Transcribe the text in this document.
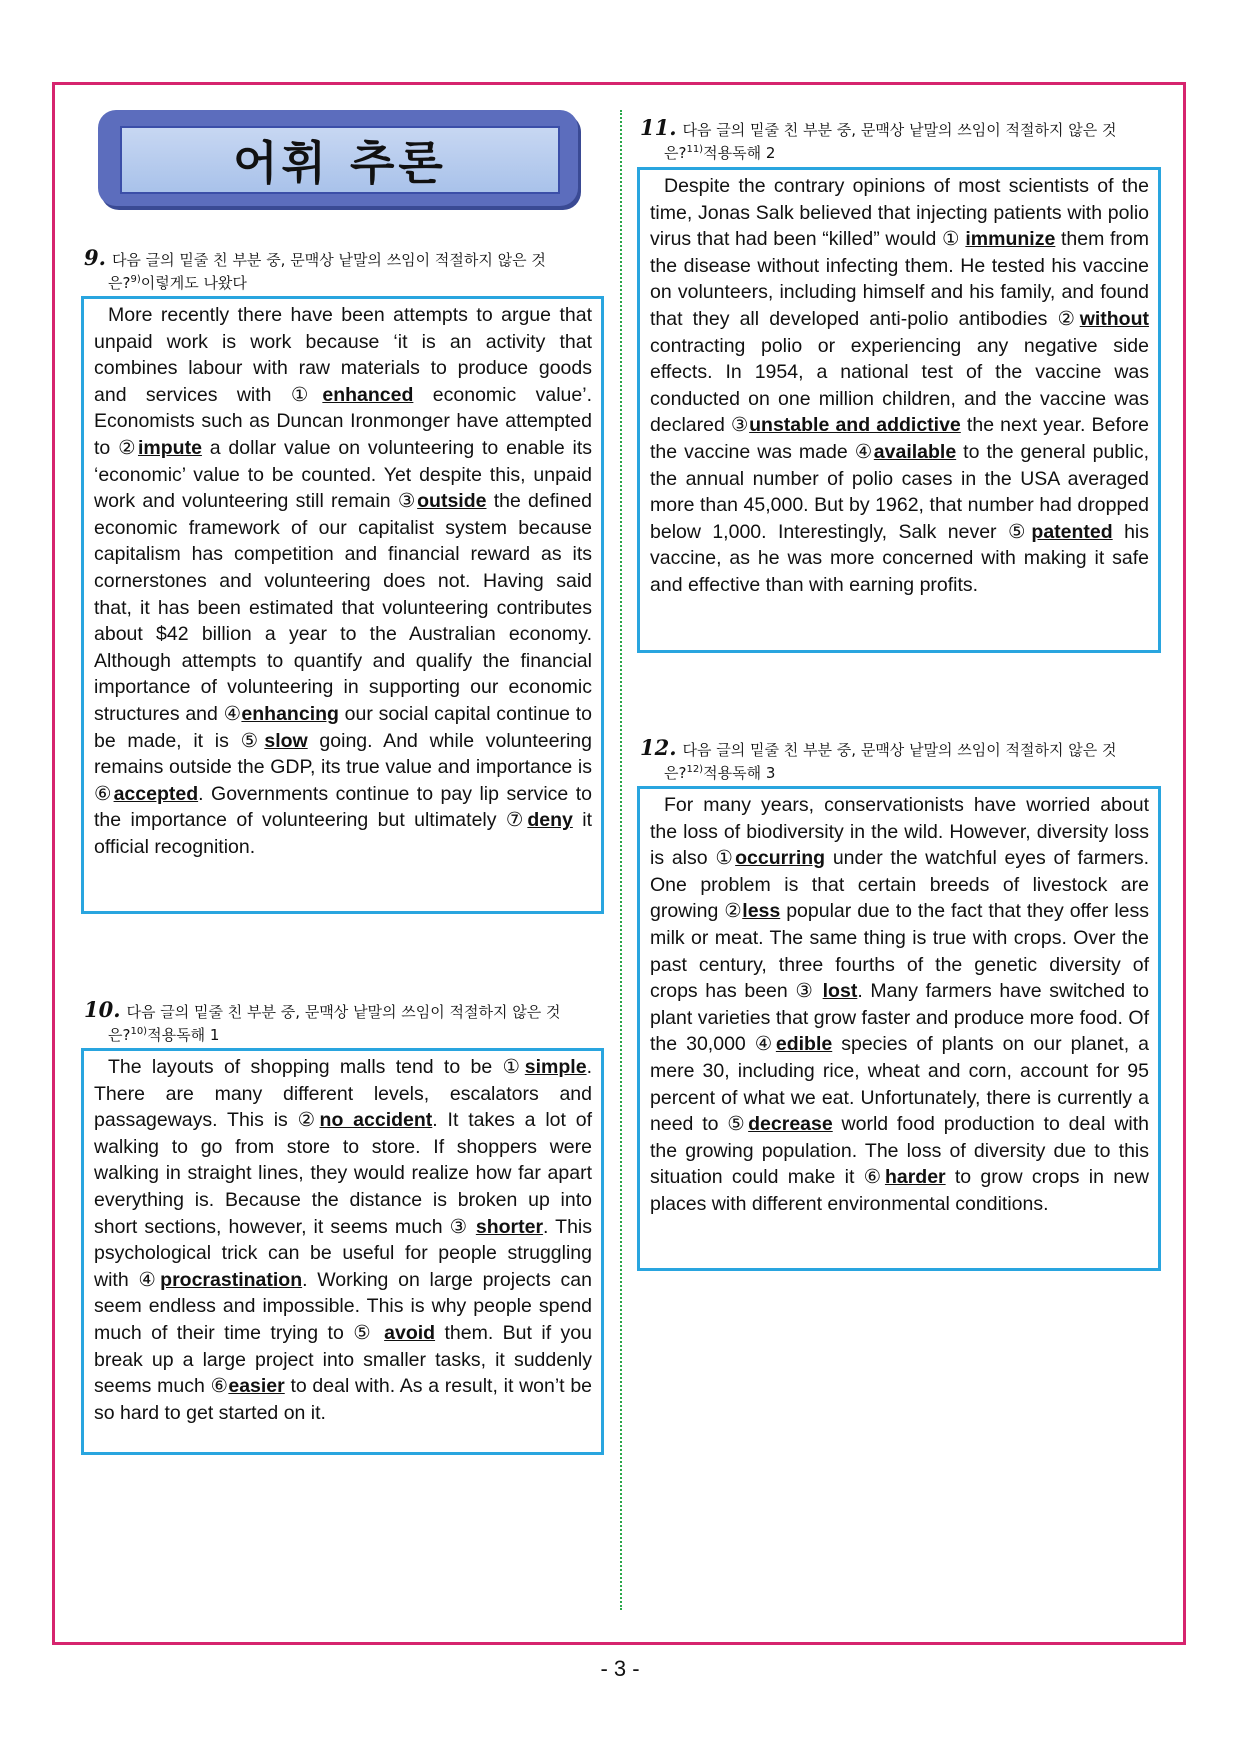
어휘 추론
9. 다음 글의 밑줄 친 부분 중, 문맥상 낱말의 쓰임이 적절하지 않은 것
은?$^{9)}$이렇게도 나왔다
More recently there have been attempts to argue that unpaid work is work because ‘it is an activity that combines labour with raw materials to produce goods and services with ①enhanced economic value’. Economists such as Duncan Ironmonger have attempted to ②impute a dollar value on volunteering to enable its ‘economic’ value to be counted. Yet despite this, unpaid work and volunteering still remain ③outside the defined economic framework of our capitalist system because capitalism has competition and financial reward as its cornerstones and volunteering does not. Having said that, it has been estimated that volunteering contributes about $42 billion a year to the Australian economy. Although attempts to quantify and qualify the financial importance of volunteering in supporting our economic structures and ④enhancing our social capital continue to be made, it is ⑤slow going. And while volunteering remains outside the GDP, its true value and importance is ⑥accepted. Governments continue to pay lip service to the importance of volunteering but ultimately ⑦deny it official recognition.
10. 다음 글의 밑줄 친 부분 중, 문맥상 낱말의 쓰임이 적절하지 않은 것
은?$^{10)}$적용독해 1
The layouts of shopping malls tend to be ①simple. There are many different levels, escalators and passageways. This is ②no accident. It takes a lot of walking to go from store to store. If shoppers were walking in straight lines, they would realize how far apart everything is. Because the distance is broken up into short sections, however, it seems much ③ shorter. This psychological trick can be useful for people struggling with ④procrastination. Working on large projects can seem endless and impossible. This is why people spend much of their time trying to ⑤ avoid them. But if you break up a large project into smaller tasks, it suddenly seems much ⑥easier to deal with. As a result, it won’t be so hard to get started on it.
11. 다음 글의 밑줄 친 부분 중, 문맥상 낱말의 쓰임이 적절하지 않은 것
은?$^{11)}$적용독해 2
Despite the contrary opinions of most scientists of the time, Jonas Salk believed that injecting patients with polio virus that had been “killed” would ① immunize them from the disease without infecting them. He tested his vaccine on volunteers, including himself and his family, and found that they all developed anti-polio antibodies ②without contracting polio or experiencing any negative side effects. In 1954, a national test of the vaccine was conducted on one million children, and the vaccine was declared ③unstable and addictive the next year. Before the vaccine was made ④available to the general public, the annual number of polio cases in the USA averaged more than 45,000. But by 1962, that number had dropped below 1,000. Interestingly, Salk never ⑤patented his vaccine, as he was more concerned with making it safe and effective than with earning profits.
12. 다음 글의 밑줄 친 부분 중, 문맥상 낱말의 쓰임이 적절하지 않은 것
은?$^{12)}$적용독해 3
For many years, conservationists have worried about the loss of biodiversity in the wild. However, diversity loss is also ①occurring under the watchful eyes of farmers. One problem is that certain breeds of livestock are growing ②less popular due to the fact that they offer less milk or meat. The same thing is true with crops. Over the past century, three fourths of the genetic diversity of crops has been ③ lost. Many farmers have switched to plant varieties that grow faster and produce more food. Of the 30,000 ④edible species of plants on our planet, a mere 30, including rice, wheat and corn, account for 95 percent of what we eat. Unfortunately, there is currently a need to ⑤decrease world food production to deal with the growing population. The loss of diversity due to this situation could make it ⑥harder to grow crops in new places with different environmental conditions.
- 3 -
